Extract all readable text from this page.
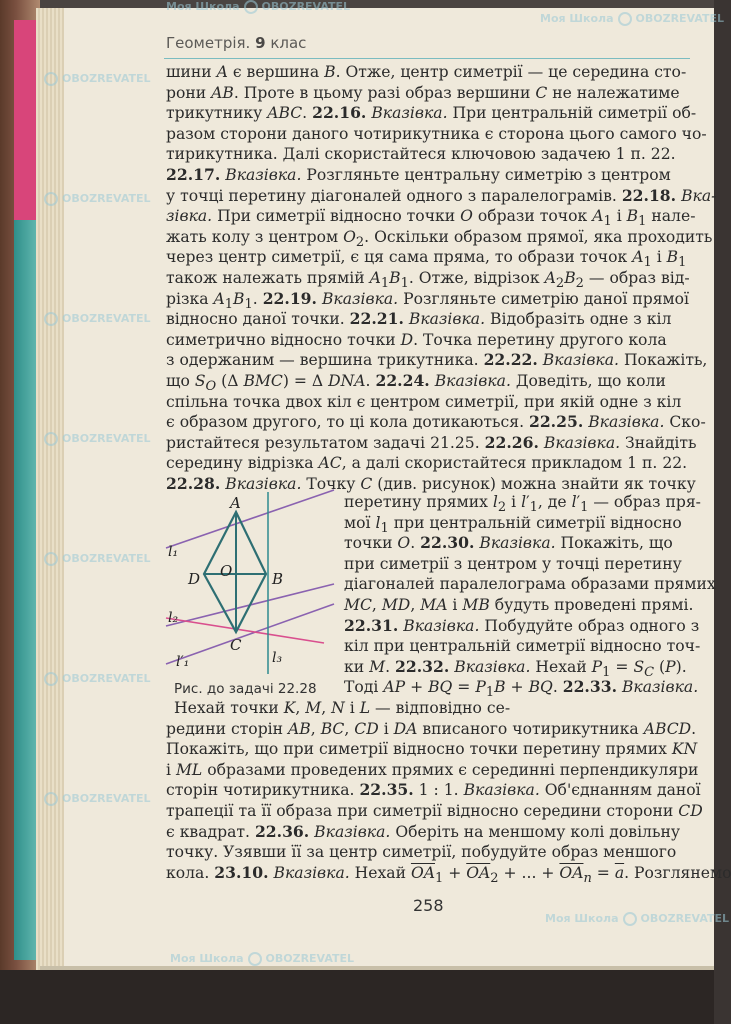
Геометрія. 9 клас
шини A є вершина B. Отже, центр симетрії — це середина сто-
рони AB. Проте в цьому разі образ вершини C не належатиме
трикутнику ABC. 22.16. Вказівка. При центральній симетрії об-
разом сторони даного чотирикутника є сторона цього самого чо-
тирикутника. Далі скористайтеся ключовою задачею 1 п. 22.
22.17. Вказівка. Розгляньте центральну симетрію з центром
у точці перетину діагоналей одного з паралелограмів. 22.18. Вка-
зівка. При симетрії відносно точки O образи точок $A_1$ і $B_1$ нале-
жать колу з центром $O_2$. Оскільки образом прямої, яка проходить
через центр симетрії, є ця сама пряма, то образи точок $A_1$ і $B_1$
також належать прямій $A_1B_1$. Отже, відрізок $A_2B_2$ — образ від-
різка $A_1B_1$. 22.19. Вказівка. Розгляньте симетрію даної прямої
відносно даної точки. 22.21. Вказівка. Відобразіть одне з кіл
симетрично відносно точки D. Точка перетину другого кола
з одержаним — вершина трикутника. 22.22. Вказівка. Покажіть,
що $S_O$ (Δ BMC) = Δ DNA. 22.24. Вказівка. Доведіть, що коли
спільна точка двох кіл є центром симетрії, при якій одне з кіл
є образом другого, то ці кола дотикаються. 22.25. Вказівка. Ско-
ристайтеся результатом задачі 21.25. 22.26. Вказівка. Знайдіть
середину відрізка AC, а далі скористайтеся прикладом 1 п. 22.
22.28. Вказівка. Точку C (див. рисунок) можна знайти як точку
перетину прямих $l_2$ і $l'_1$, де $l'_1$ — образ пря-
мої $l_1$ при центральній симетрії відносно
точки O. 22.30. Вказівка. Покажіть, що
при симетрії з центром у точці перетину
діагоналей паралелограма образами прямих
MC, MD, MA і MB будуть проведені прямі.
22.31. Вказівка. Побудуйте образ одного з
кіл при центральній симетрії відносно точ-
ки M. 22.32. Вказівка. Нехай $P_1 = S_C$ (P).
Тоді AP + BQ = $P_1B$ + BQ. 22.33. Вказівка.
Нехай точки K, M, N і L — відповідно се-
редини сторін AB, BC, CD і DA вписаного чотирикутника ABCD.
Покажіть, що при симетрії відносно точки перетину прямих KN
і ML образами проведених прямих є серединні перпендикуляри
сторін чотирикутника. 22.35. 1 : 1. Вказівка. Об'єднанням даної
трапеції та її образа при симетрії відносно середини сторони CD
є квадрат. 22.36. Вказівка. Оберіть на меншому колі довільну
точку. Узявши її за центр симетрії, побудуйте образ меншого
кола. 23.10. Вказівка. Нехай $\overline{OA}_1 + \overline{OA}_2$ + ... + $\overline{OA}_n = \overline{a}$. Розглянемо
A
D O	B
C
l₁
l₂
l′₁	l₃
Рис. до задачі 22.28
258
Моя Школа OBOZREVATEL
Моя Школа OBOZREVATEL
OBOZREVATEL
OBOZREVATEL
OBOZREVATEL
OBOZREVATEL
OBOZREVATEL
OBOZREVATEL
OBOZREVATEL
Моя Школа OBOZREVATEL
Моя Школа OBOZREVATEL
